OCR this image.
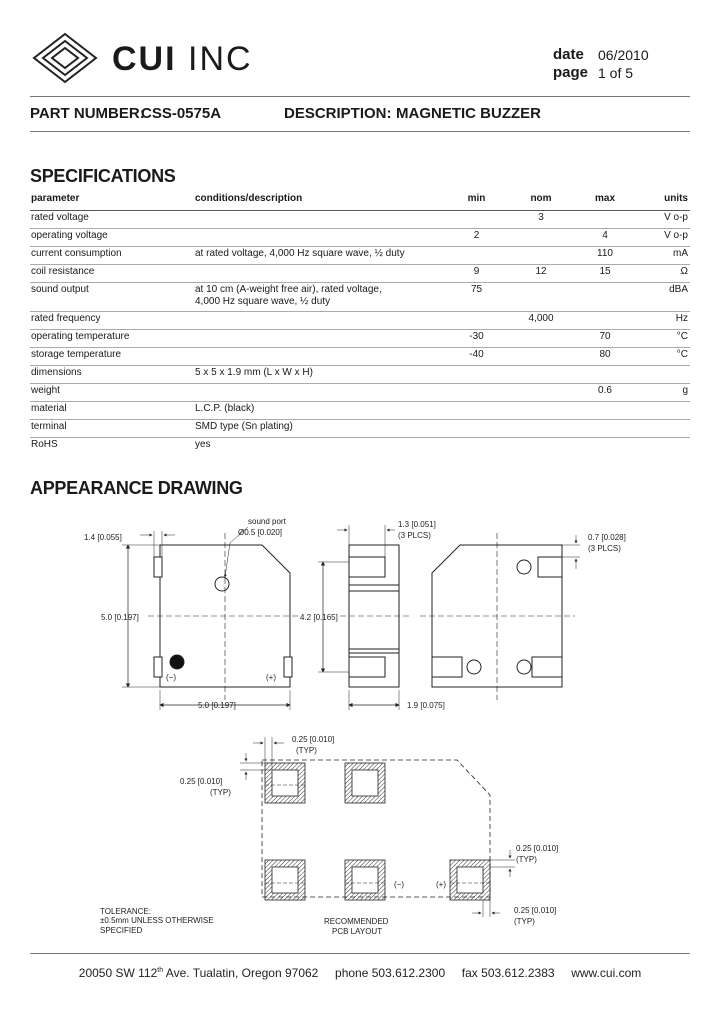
CUI INC	date 06/2010
page 1 of 5
PART NUMBER:
CSS-0575A	DESCRIPTION: MAGNETIC BUZZER
SPECIFICATIONS
parameter	conditions/description	min	nom	max	units
rated voltage			3		V o-p
operating voltage		2		4	V o-p
current consumption	at rated voltage, 4,000 Hz square wave, ½ duty			110	mA
coil resistance		9	12	15	Ω
sound output	at 10 cm (A-weight free air), rated voltage,
4,000 Hz square wave, ½ duty	75			dBA
rated frequency			4,000		Hz
operating temperature		-30		70	°C
storage temperature		-40		80	°C
dimensions	5 x 5 x 1.9 mm (L x W x H)				
weight				0.6	g
material	L.C.P. (black)				
terminal	SMD type (Sn plating)				
RoHS	yes				
APPEARANCE DRAWING
1.4 [0.055]
sound port
Ø0.5 [0.020]
5.0 [0.197]
5.0 [0.197]
(−)	(+)
1.3 [0.051]
(3 PLCS)
4.2 [0.165]
1.9 [0.075]
0.7 [0.028]
(3 PLCS)
0.25 [0.010]
(TYP)
0.25 [0.010]
(TYP)
0.25 [0.010]
(TYP)
0.25 [0.010]
(TYP)
(−)	(+)
TOLERANCE:
±0.5mm UNLESS OTHERWISE
SPECIFIED
RECOMMENDED
PCB LAYOUT
20050 SW 112th Ave. Tualatin, Oregon 97062 phone 503.612.2300 fax 503.612.2383 www.cui.com
